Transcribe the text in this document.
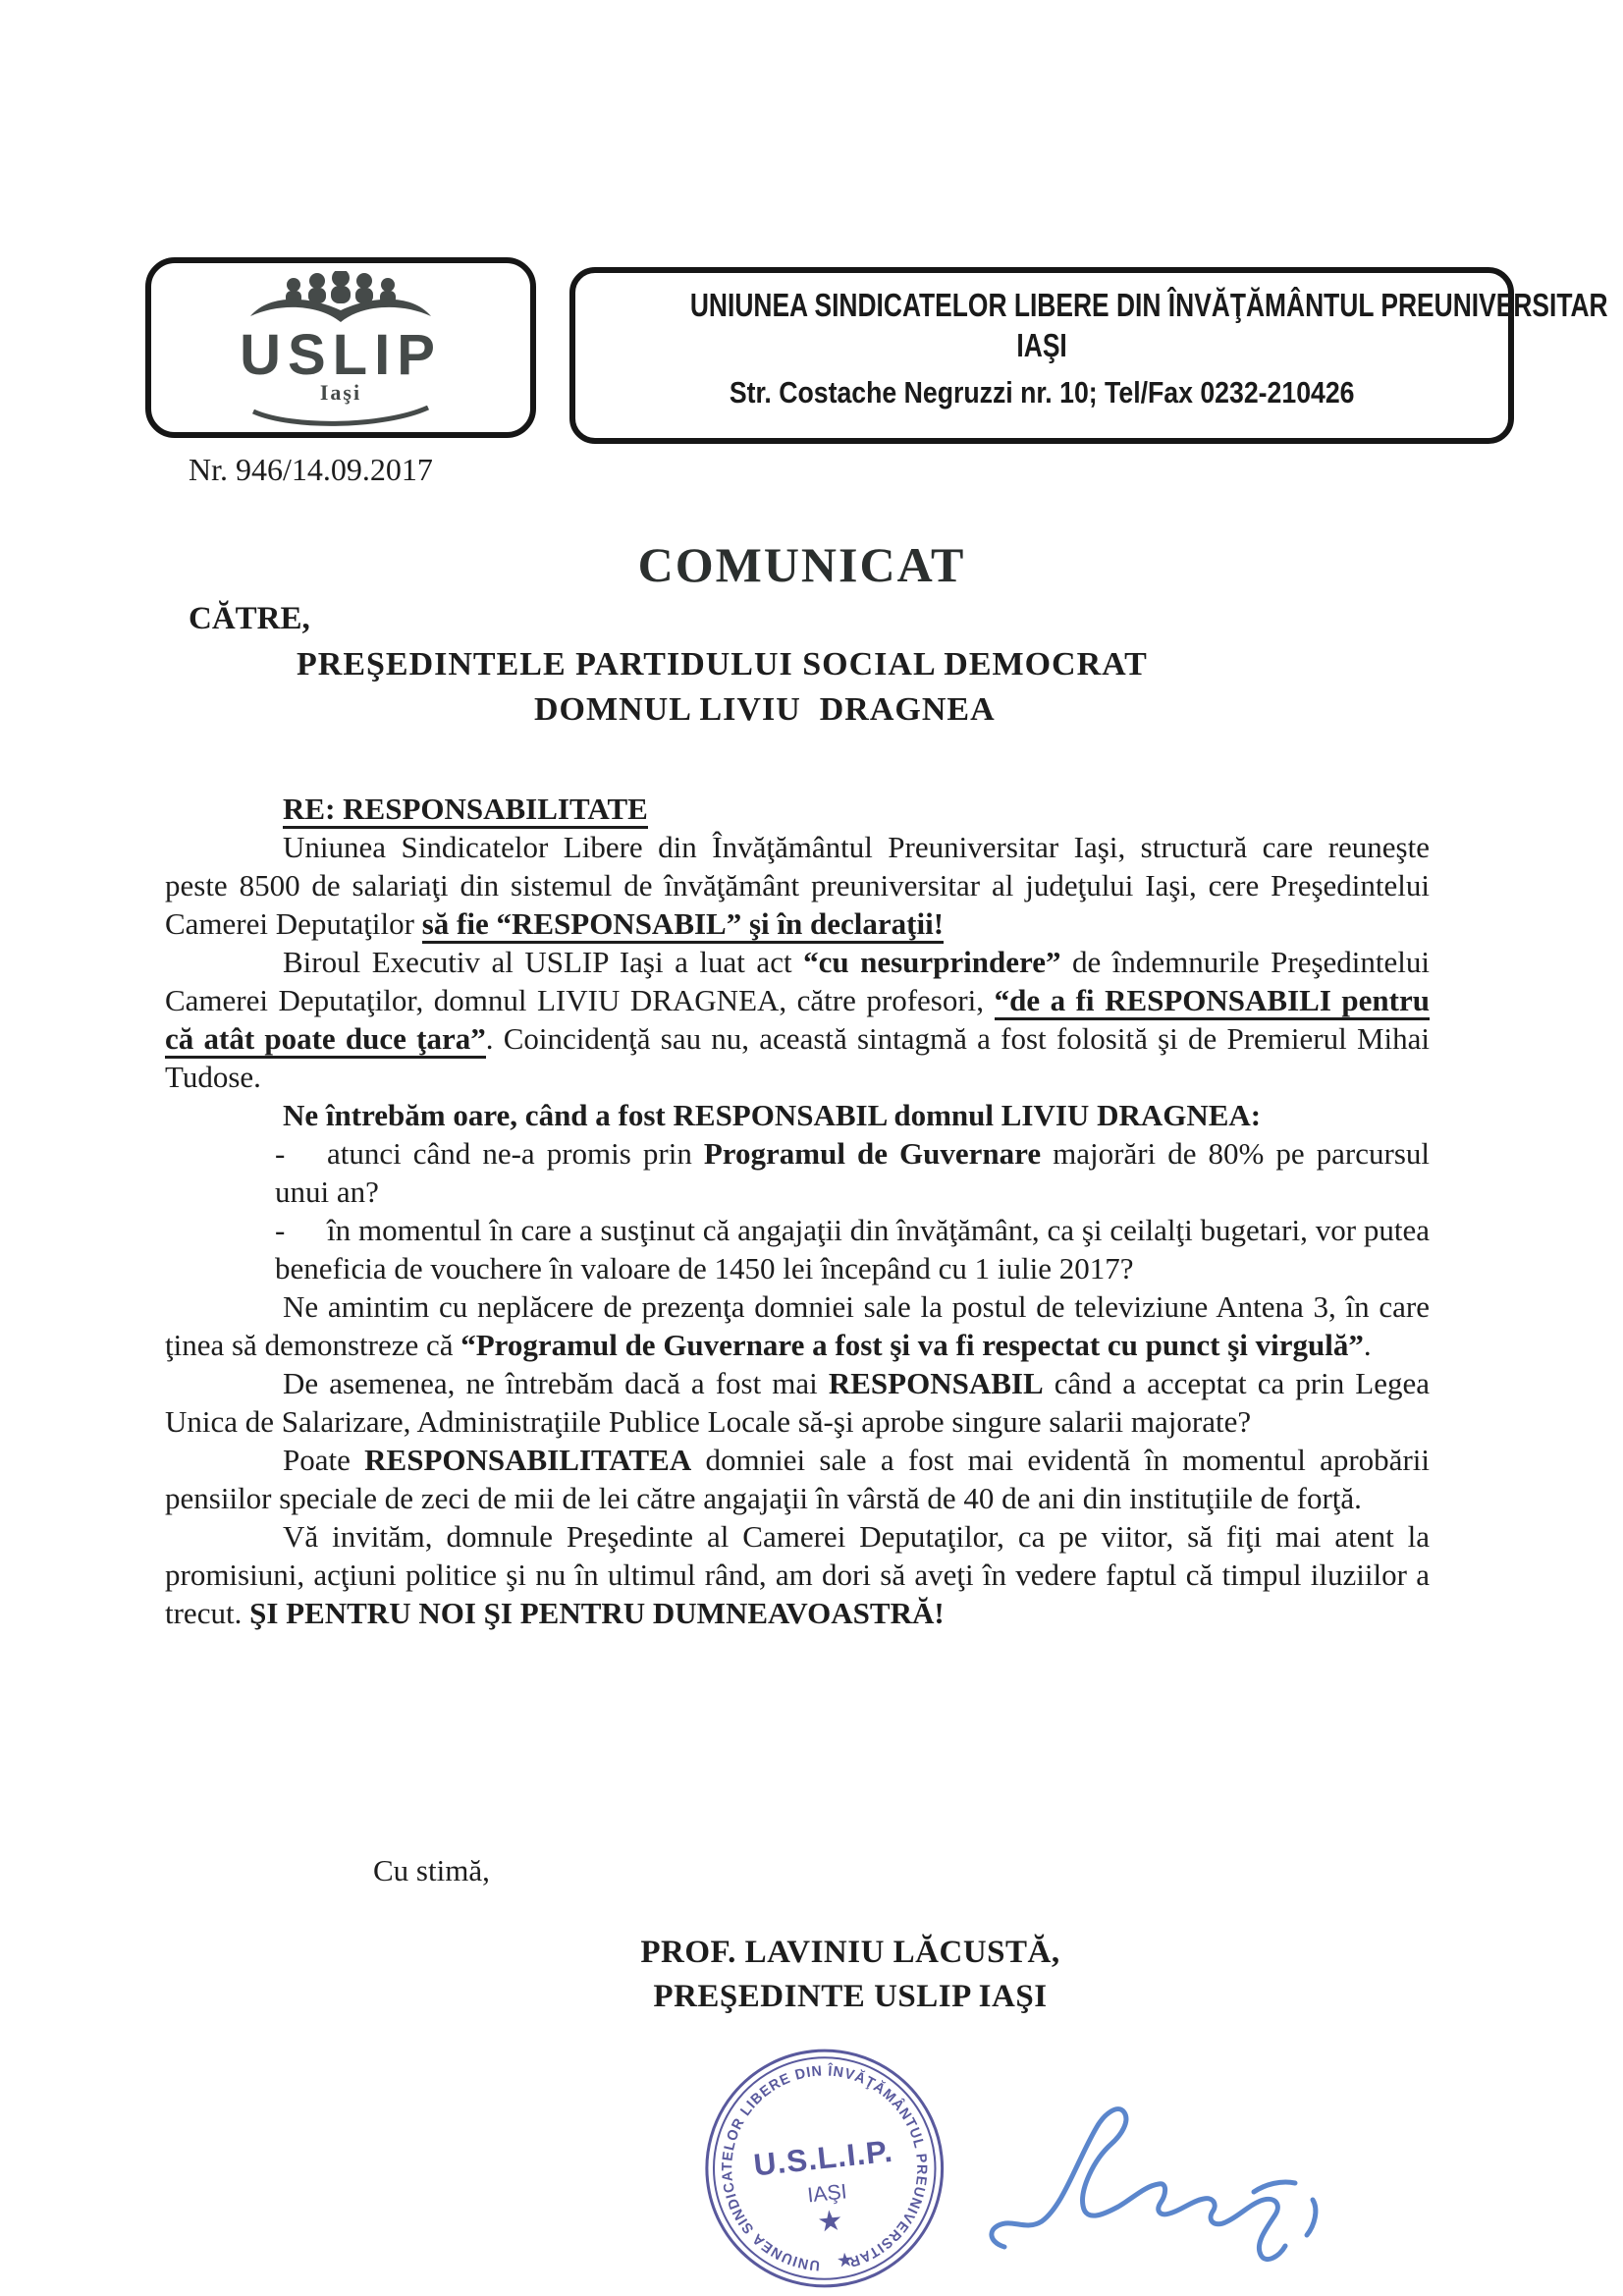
USLIP
Iaşi
UNIUNEA SINDICATELOR LIBERE DIN ÎNVĂŢĂMÂNTUL PREUNIVERSITAR
IAŞI
Str. Costache Negruzzi nr. 10; Tel/Fax 0232-210426
Nr. 946/14.09.2017
COMUNICAT
CĂTRE,
PREŞEDINTELE PARTIDULUI SOCIAL DEMOCRAT
DOMNUL LIVIU  DRAGNEA
RE: RESPONSABILITATE
Uniunea Sindicatelor Libere din Învăţământul Preuniversitar Iaşi, structură care reuneşte peste 8500 de salariaţi din sistemul de învăţământ preuniversitar al judeţului Iaşi, cere Preşedintelui Camerei Deputaţilor să fie “RESPONSABIL” şi în declaraţii!
Biroul Executiv al USLIP Iaşi a luat act “cu nesurprindere” de îndemnurile Preşedintelui Camerei Deputaţilor, domnul LIVIU DRAGNEA, către profesori, “de a fi RESPONSABILI pentru că atât poate duce ţara”. Coincidenţă sau nu, această sintagmă a fost folosită şi de Premierul Mihai Tudose.
Ne întrebăm oare, când a fost RESPONSABIL domnul LIVIU DRAGNEA:
- atunci când ne-a promis prin Programul de Guvernare majorări de 80% pe parcursul unui an?
- în momentul în care a susţinut că angajaţii din învăţământ, ca şi ceilalţi bugetari, vor putea beneficia de vouchere în valoare de 1450 lei începând cu 1 iulie 2017?
Ne amintim cu neplăcere de prezenţa domniei sale la postul de televiziune Antena 3, în care ţinea să demonstreze că “Programul de Guvernare a fost şi va fi respectat cu punct şi virgulă”.
De asemenea, ne întrebăm dacă a fost mai RESPONSABIL când a acceptat ca prin Legea Unica de Salarizare, Administraţiile Publice Locale să-şi aprobe singure salarii majorate?
Poate RESPONSABILITATEA domniei sale a fost mai evidentă în momentul aprobării pensiilor speciale de zeci de mii de lei către angajaţii în vârstă de 40 de ani din instituţiile de forţă.
Vă invităm, domnule Preşedinte al Camerei Deputaţilor, ca pe viitor, să fiţi mai atent la promisiuni, acţiuni politice şi nu în ultimul rând, am dori să aveţi în vedere faptul că timpul iluziilor a trecut. ŞI PENTRU NOI ŞI PENTRU DUMNEAVOASTRĂ!
Cu stimă,
PROF. LAVINIU LĂCUSTĂ,
PREŞEDINTE USLIP IAŞI
UNIUNEA SINDICATELOR LIBERE DIN ÎNVĂŢĂMÂNTUL PREUNIVERSITAR
U.S.L.I.P.
IAŞI
